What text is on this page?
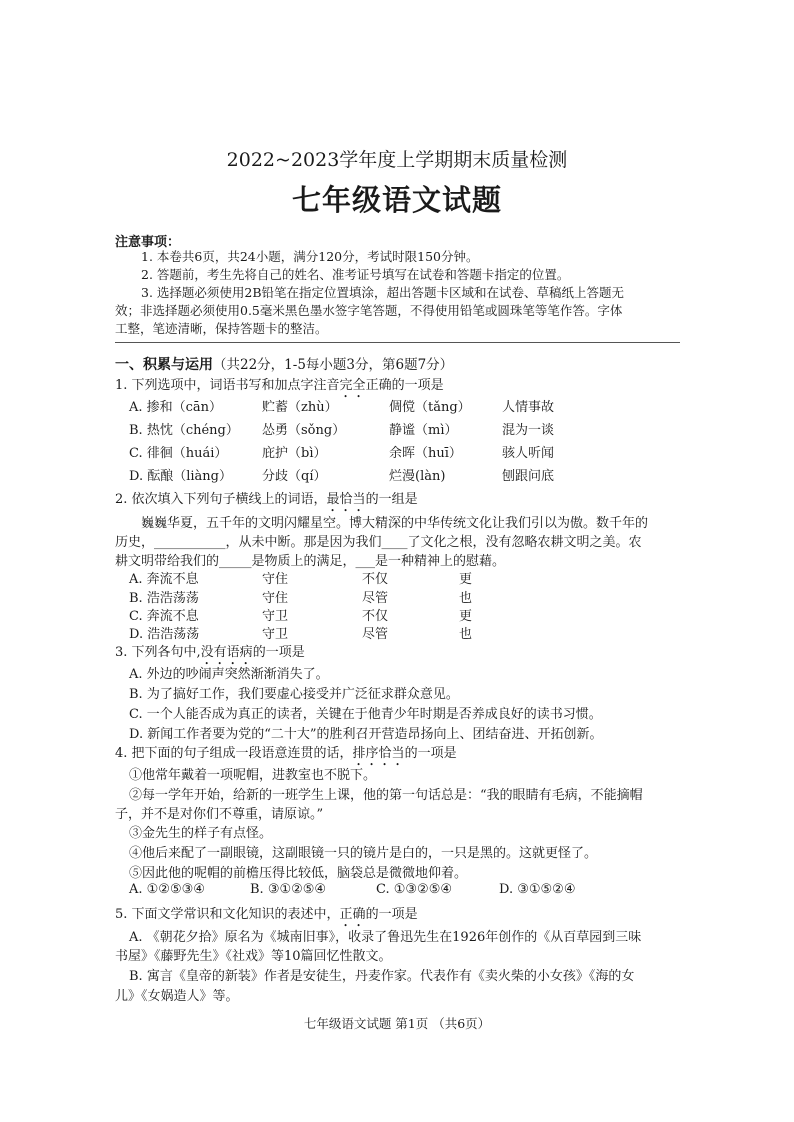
2022~2023学年度上学期期末质量检测
七年级语文试题
注意事项：
1. 本卷共6页，共24小题，满分120分，考试时限150分钟。
2. 答题前，考生先将自己的姓名、准考证号填写在试卷和答题卡指定的位置。
3. 选择题必须使用2B铅笔在指定位置填涂，超出答题卡区域和在试卷、草稿纸上答题无
效；非选择题必须使用0.5毫米黑色墨水签字笔答题，不得使用铅笔或圆珠笔等笔作答。字体
工整，笔迹清晰，保持答题卡的整洁。
一、积累与运用（共22分，1-5每小题3分，第6题7分）
1. 下列选项中，词语书写和加点字注音完全正确的一项是
A. 掺和（cān）	贮蓄（zhù）	倜傥（tǎng） 人情事故
B. 热忱（chéng） 怂勇（sǒng）	静谧（mì）	混为一谈
C. 徘徊（huái）	庇护（bì）	余晖（huī）	骇人听闻
D. 酝酿（liàng） 分歧（qí）	烂漫(làn)	刨跟问底
2. 依次填入下列句子横线上的词语，最恰当的一组是
巍巍华夏，五千年的文明闪耀星空。博大精深的中华传统文化让我们引以为傲。数千年的
历史，___________，从未中断。那是因为我们____了文化之根，没有忽略农耕文明之美。农
耕文明带给我们的_____是物质上的满足，___是一种精神上的慰藉。
A. 奔流不息	守住	不仅	更
B. 浩浩荡荡	守住	尽管	也
C. 奔流不息	守卫	不仅	更
D. 浩浩荡荡	守卫	尽管	也
3. 下列各句中,没有语病的一项是
A. 外边的吵闹声突然渐渐消失了。
B. 为了搞好工作，我们要虚心接受并广泛征求群众意见。
C. 一个人能否成为真正的读者，关键在于他青少年时期是否养成良好的读书习惯。
D. 新闻工作者要为党的“二十大”的胜利召开营造昂扬向上、团结奋进、开拓创新。
4. 把下面的句子组成一段语意连贯的话，排序恰当的一项是
①他常年戴着一项呢帽，进教室也不脱下。
②每一学年开始，给新的一班学生上课，他的第一句话总是：“我的眼睛有毛病，不能摘帽
子，并不是对你们不尊重，请原谅。”
③金先生的样子有点怪。
④他后来配了一副眼镜，这副眼镜一只的镜片是白的，一只是黑的。这就更怪了。
⑤因此他的呢帽的前檐压得比较低，脑袋总是微微地仰着。
A. ①②⑤③④	B. ③①②⑤④	C. ①③②⑤④	D. ③①⑤②④
5. 下面文学常识和文化知识的表述中，正确的一项是
A. 《朝花夕拾》原名为《城南旧事》，收录了鲁迅先生在1926年创作的《从百草园到三味
书屋》《藤野先生》《社戏》等10篇回忆性散文。
B. 寓言《皇帝的新装》作者是安徒生，丹麦作家。代表作有《卖火柴的小女孩》《海的女
儿》《女娲造人》等。
七年级语文试题 第1页 （共6页）
